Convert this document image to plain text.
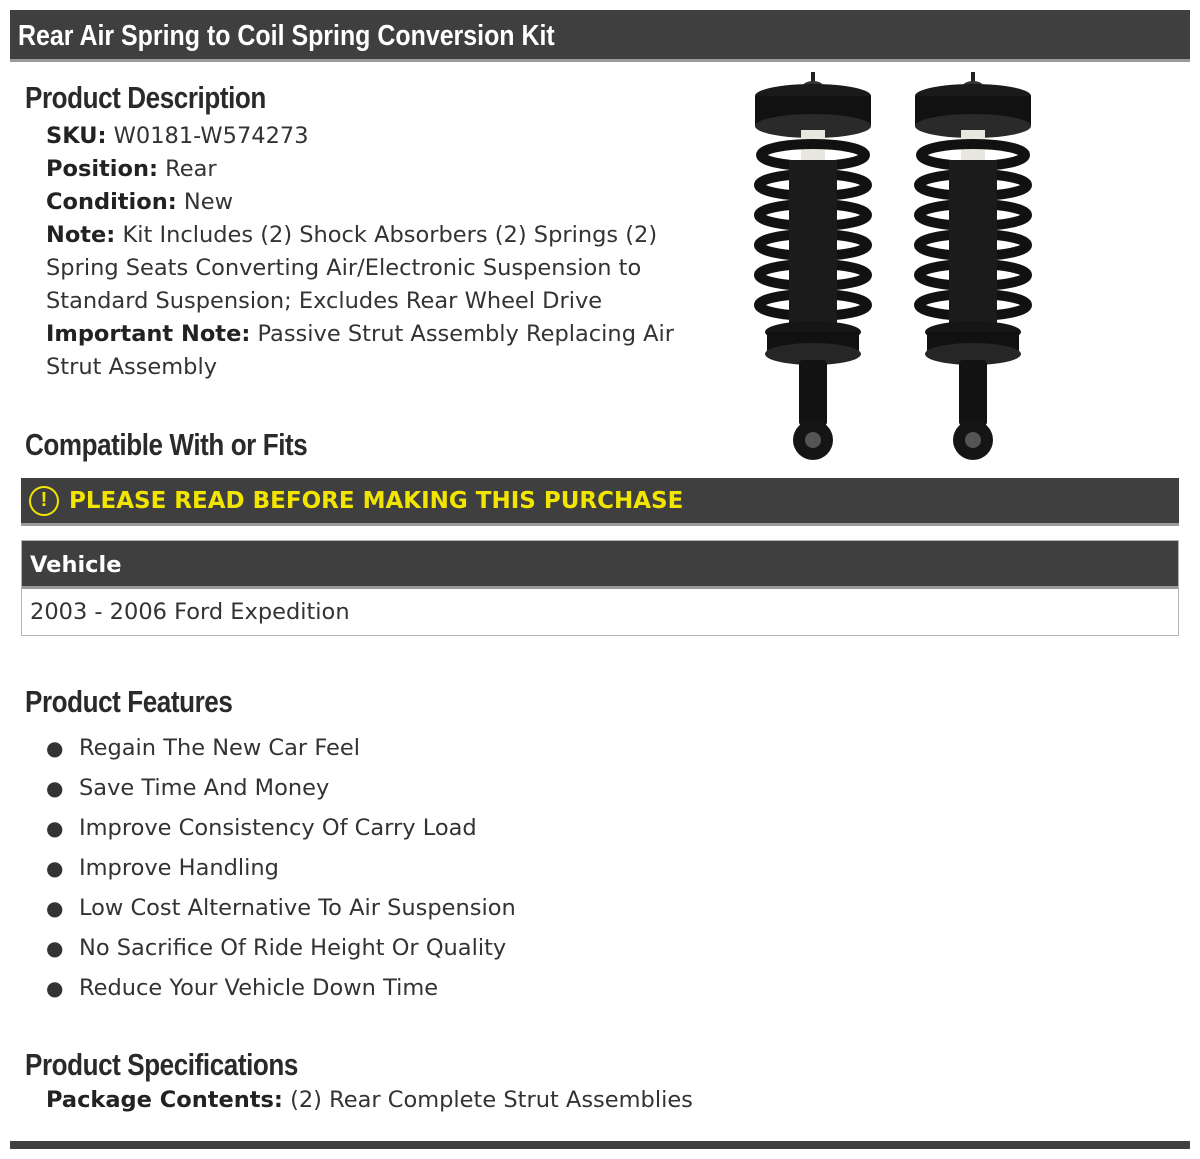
Rear Air Spring to Coil Spring Conversion Kit
Product Description
SKU: W0181-W574273
Position: Rear
Condition: New
Note: Kit Includes (2) Shock Absorbers (2) Springs (2) Spring Seats Converting Air/Electronic Suspension to Standard Suspension; Excludes Rear Wheel Drive
Important Note: Passive Strut Assembly Replacing Air Strut Assembly
Compatible With or Fits
! PLEASE READ BEFORE MAKING THIS PURCHASE
Vehicle
2003 - 2006 Ford Expedition
Product Features
● Regain The New Car Feel
● Save Time And Money
● Improve Consistency Of Carry Load
● Improve Handling
● Low Cost Alternative To Air Suspension
● No Sacrifice Of Ride Height Or Quality
● Reduce Your Vehicle Down Time
Product Specifications
Package Contents: (2) Rear Complete Strut Assemblies
